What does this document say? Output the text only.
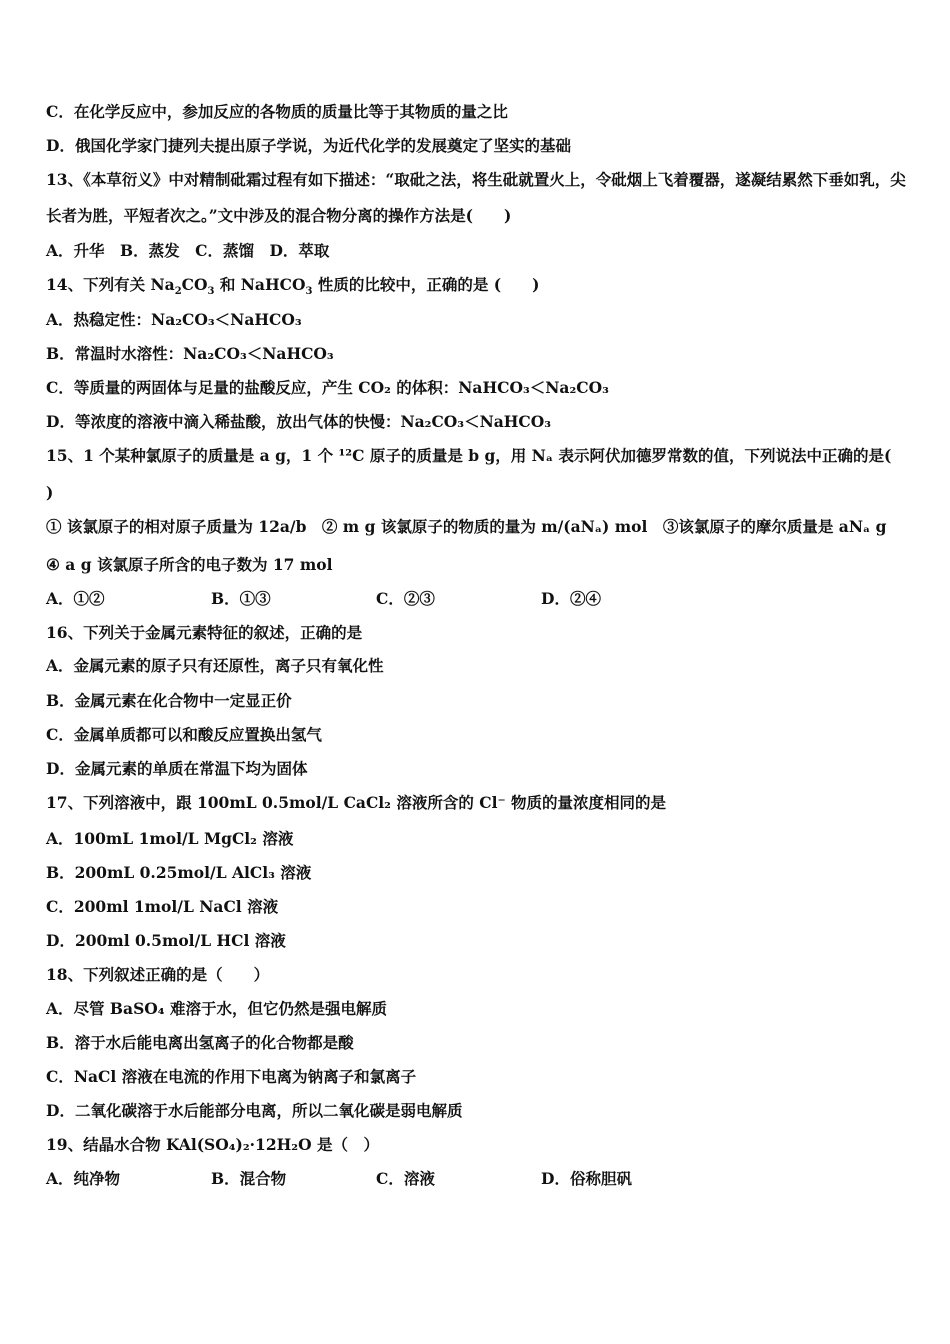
C．在化学反应中，参加反应的各物质的质量比等于其物质的量之比
D．俄国化学家门捷列夫提出原子学说，为近代化学的发展奠定了坚实的基础
13、《本草衍义》中对精制砒霜过程有如下描述：“取砒之法，将生砒就置火上，令砒烟上飞着覆器，遂凝结累然下垂如乳，尖长者为胜，平短者次之。”文中涉及的混合物分离的操作方法是(　　)
A．升华　B．蒸发　C．蒸馏　D．萃取
14、下列有关 $Na_2CO_3$ 和 NaHCO$_3$ 性质的比较中，正确的是 (　　)
A．热稳定性：Na₂CO₃＜NaHCO₃
B．常温时水溶性：Na₂CO₃＜NaHCO₃
C．等质量的两固体与足量的盐酸反应，产生 CO₂ 的体积：NaHCO₃＜Na₂CO₃
D．等浓度的溶液中滴入稀盐酸，放出气体的快慢：Na₂CO₃＜NaHCO₃
15、1 个某种氯原子的质量是 a g，1 个 ¹²C 原子的质量是 b g，用 Nₐ 表示阿伏加德罗常数的值，下列说法中正确的是(
)
① 该氯原子的相对原子质量为 12a/b　② m g 该氯原子的物质的量为 m/(aNₐ) mol　③该氯原子的摩尔质量是 aNₐ g
④ a g 该氯原子所含的电子数为 17 mol
A．①②	B．①③	C．②③	D．②④
16、下列关于金属元素特征的叙述，正确的是
A．金属元素的原子只有还原性，离子只有氧化性
B．金属元素在化合物中一定显正价
C．金属单质都可以和酸反应置换出氢气
D．金属元素的单质在常温下均为固体
17、下列溶液中，跟 100mL 0.5mol/L CaCl₂ 溶液所含的 Cl⁻ 物质的量浓度相同的是
A．100mL 1mol/L MgCl₂ 溶液
B．200mL 0.25mol/L AlCl₃ 溶液
C．200ml 1mol/L NaCl 溶液
D．200ml 0.5mol/L HCl 溶液
18、下列叙述正确的是（　　）
A．尽管 BaSO₄ 难溶于水，但它仍然是强电解质
B．溶于水后能电离出氢离子的化合物都是酸
C．NaCl 溶液在电流的作用下电离为钠离子和氯离子
D．二氧化碳溶于水后能部分电离，所以二氧化碳是弱电解质
19、结晶水合物 KAl(SO₄)₂·12H₂O 是（　）
A．纯净物	B．混合物	C．溶液	D．俗称胆矾
